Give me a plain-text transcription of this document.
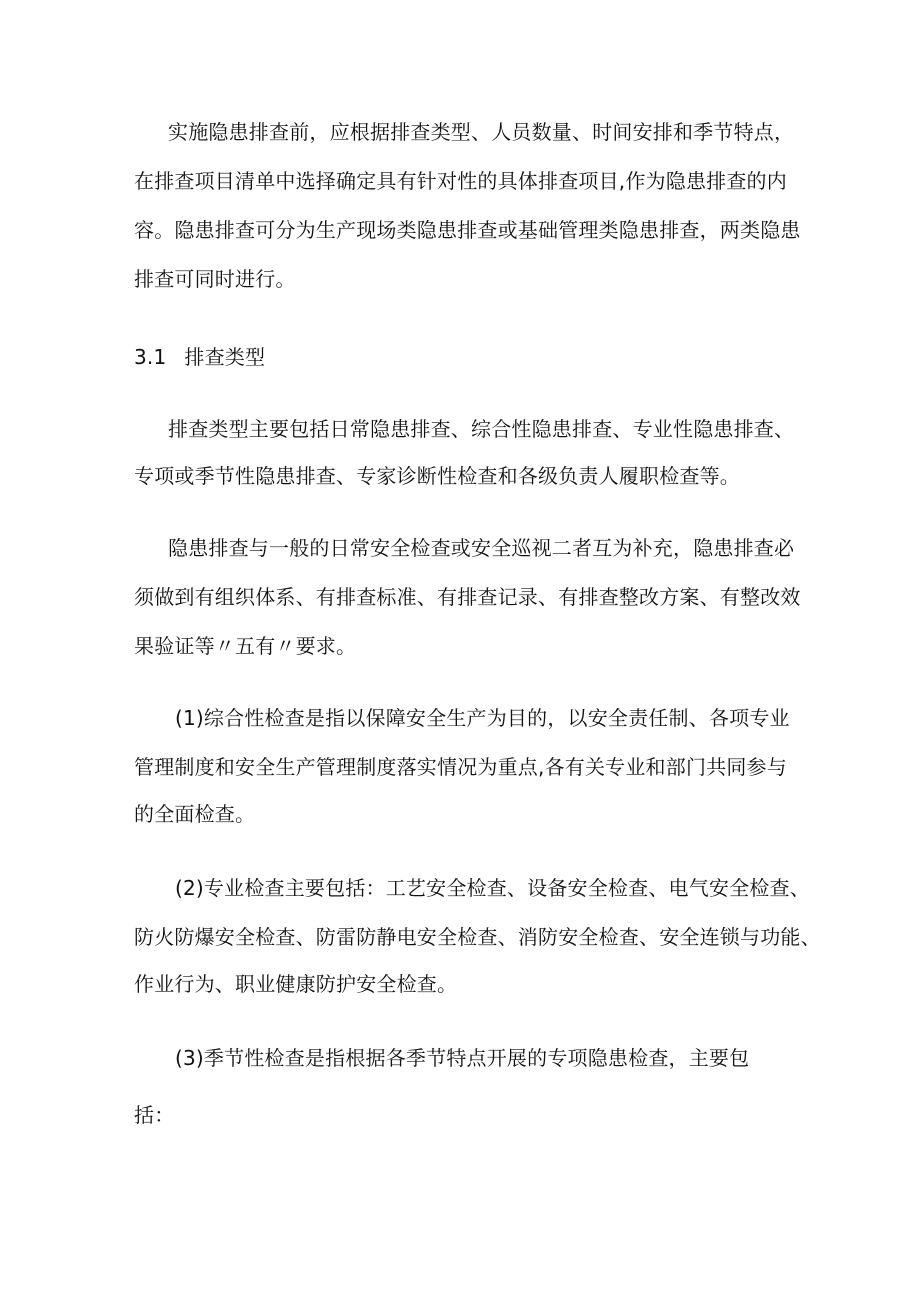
实施隐患排查前，应根据排查类型、人员数量、时间安排和季节特点，
在排查项目清单中选择确定具有针对性的具体排查项目,作为隐患排查的内
容。隐患排查可分为生产现场类隐患排查或基础管理类隐患排查，两类隐患
排查可同时进行。
3.1 排查类型
排查类型主要包括日常隐患排查、综合性隐患排查、专业性隐患排查、
专项或季节性隐患排查、专家诊断性检查和各级负责人履职检查等。
隐患排查与一般的日常安全检查或安全巡视二者互为补充，隐患排查必
须做到有组织体系、有排查标准、有排查记录、有排查整改方案、有整改效
果验证等〃五有〃要求。
(1)综合性检查是指以保障安全生产为目的，以安全责任制、各项专业
管理制度和安全生产管理制度落实情况为重点,各有关专业和部门共同参与
的全面检查。
(2)专业检查主要包括：工艺安全检查、设备安全检查、电气安全检查、
防火防爆安全检查、防雷防静电安全检查、消防安全检查、安全连锁与功能、
作业行为、职业健康防护安全检查。
(3)季节性检查是指根据各季节特点开展的专项隐患检查，主要包
括：
